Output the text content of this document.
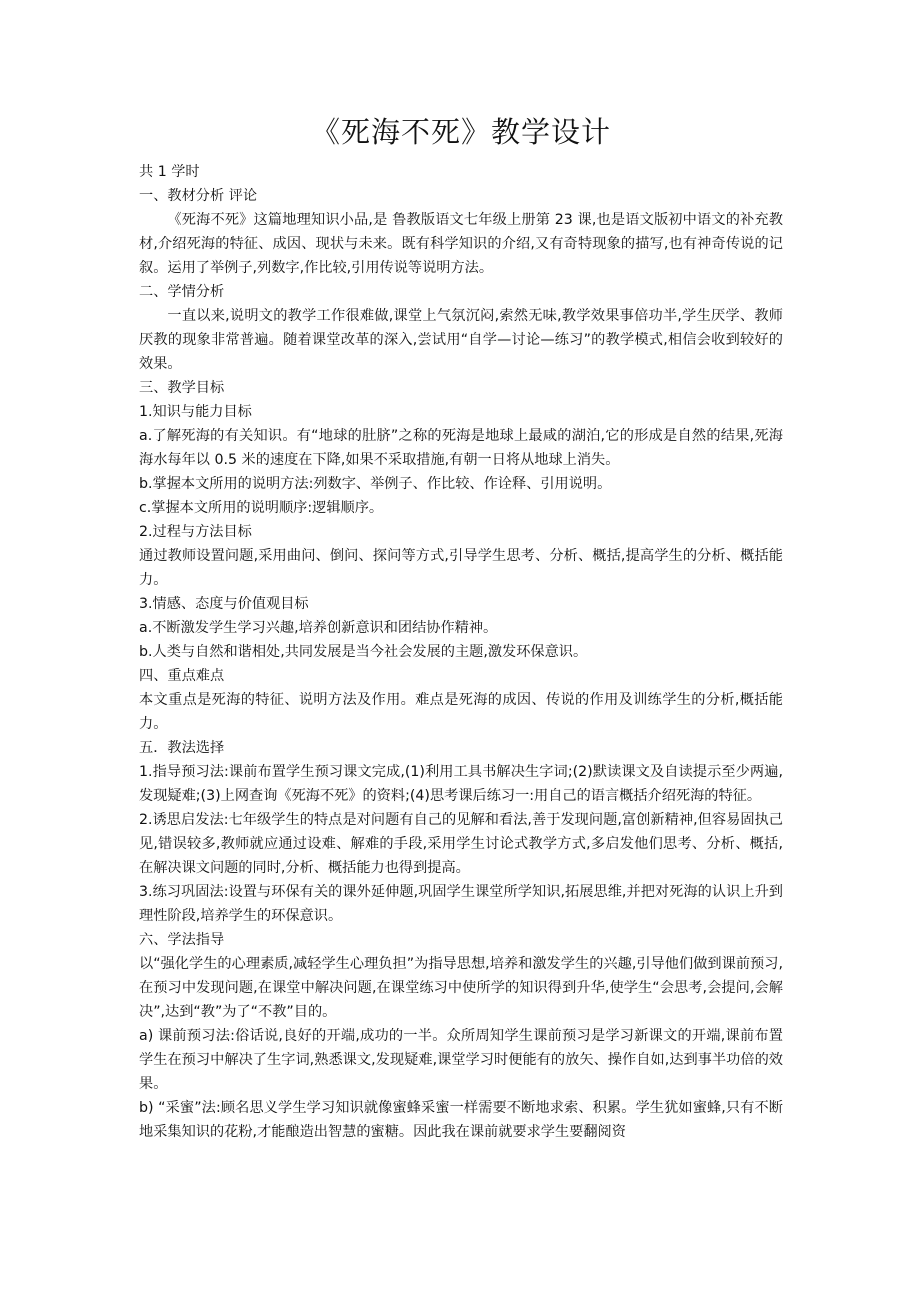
《死海不死》教学设计

共 1 学时

一、教材分析 评论

《死海不死》这篇地理知识小品,是 鲁教版语文七年级上册第 23 课,也是语文版初中语文的补充教材,介绍死海的特征、成因、现状与未来。既有科学知识的介绍,又有奇特现象的描写,也有神奇传说的记叙。运用了举例子,列数字,作比较,引用传说等说明方法。

二、学情分析

一直以来,说明文的教学工作很难做,课堂上气氛沉闷,索然无味,教学效果事倍功半,学生厌学、教师厌教的现象非常普遍。随着课堂改革的深入,尝试用“自学—讨论—练习”的教学模式,相信会收到较好的效果。

三、教学目标

1.知识与能力目标

a.了解死海的有关知识。有“地球的肚脐”之称的死海是地球上最咸的湖泊,它的形成是自然的结果,死海海水每年以 0.5 米的速度在下降,如果不采取措施,有朝一日将从地球上消失。

b.掌握本文所用的说明方法:列数字、举例子、作比较、作诠释、引用说明。

c.掌握本文所用的说明顺序:逻辑顺序。

2.过程与方法目标

通过教师设置问题,采用曲问、倒问、探问等方式,引导学生思考、分析、概括,提高学生的分析、概括能力。

3.情感、态度与价值观目标

a.不断激发学生学习兴趣,培养创新意识和团结协作精神。

b.人类与自然和谐相处,共同发展是当今社会发展的主题,激发环保意识。

四、重点难点

本文重点是死海的特征、说明方法及作用。难点是死海的成因、传说的作用及训练学生的分析,概括能力。

五．教法选择

1.指导预习法:课前布置学生预习课文完成,(1)利用工具书解决生字词;(2)默读课文及自读提示至少两遍,发现疑难;(3)上网查询《死海不死》的资料;(4)思考课后练习一:用自己的语言概括介绍死海的特征。

2.诱思启发法:七年级学生的特点是对问题有自己的见解和看法,善于发现问题,富创新精神,但容易固执己见,错误较多,教师就应通过设难、解难的手段,采用学生讨论式教学方式,多启发他们思考、分析、概括,在解决课文问题的同时,分析、概括能力也得到提高。

3.练习巩固法:设置与环保有关的课外延伸题,巩固学生课堂所学知识,拓展思维,并把对死海的认识上升到理性阶段,培养学生的环保意识。

六、学法指导

以“强化学生的心理素质,减轻学生心理负担”为指导思想,培养和激发学生的兴趣,引导他们做到课前预习,在预习中发现问题,在课堂中解决问题,在课堂练习中使所学的知识得到升华,使学生“会思考,会提问,会解决”,达到“教”为了“不教”目的。

a) 课前预习法:俗话说,良好的开端,成功的一半。众所周知学生课前预习是学习新课文的开端,课前布置学生在预习中解决了生字词,熟悉课文,发现疑难,课堂学习时便能有的放矢、操作自如,达到事半功倍的效果。

b) “采蜜”法:顾名思义学生学习知识就像蜜蜂采蜜一样需要不断地求索、积累。学生犹如蜜蜂,只有不断地采集知识的花粉,才能酿造出智慧的蜜糖。因此我在课前就要求学生要翻阅资
